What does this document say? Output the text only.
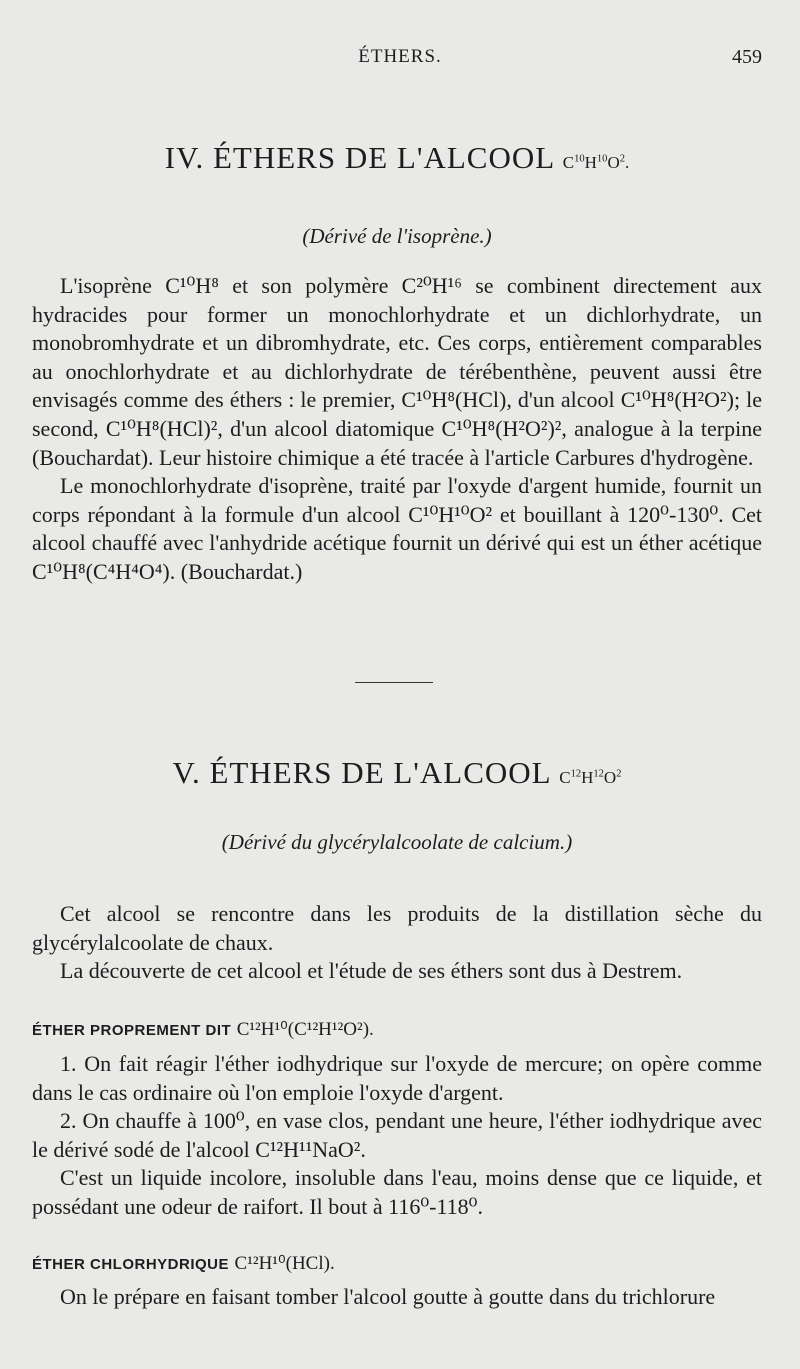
ÉTHERS.	459
IV. ÉTHERS DE L'ALCOOL $C^{10}H^{10}O^2$.

(Dérivé de l'isoprène.)

L'isoprène C¹⁰H⁸ et son polymère C²⁰H¹⁶ se combinent directement aux hydracides pour former un monochlorhydrate et un dichlorhydrate, un monobromhydrate et un dibromhydrate, etc. Ces corps, entièrement comparables au onochlorhydrate et au dichlorhydrate de térébenthène, peuvent aussi être envisagés comme des éthers : le premier, C¹⁰H⁸(HCl), d'un alcool C¹⁰H⁸(H²O²); le second, C¹⁰H⁸(HCl)², d'un alcool diatomique C¹⁰H⁸(H²O²)², analogue à la terpine (Bouchardat). Leur histoire chimique a été tracée à l'article Carbures d'hydrogène.

Le monochlorhydrate d'isoprène, traité par l'oxyde d'argent humide, fournit un corps répondant à la formule d'un alcool C¹⁰H¹⁰O² et bouillant à 120⁰-130⁰. Cet alcool chauffé avec l'anhydride acétique fournit un dérivé qui est un éther acétique C¹⁰H⁸(C⁴H⁴O⁴). (Bouchardat.)

V. ÉTHERS DE L'ALCOOL $C^{12}H^{12}O^2$

(Dérivé du glycérylalcoolate de calcium.)

Cet alcool se rencontre dans les produits de la distillation sèche du glycérylalcoolate de chaux.

La découverte de cet alcool et l'étude de ses éthers sont dus à Destrem.

ÉTHER PROPREMENT DIT C¹²H¹⁰(C¹²H¹²O²).

1. On fait réagir l'éther iodhydrique sur l'oxyde de mercure; on opère comme dans le cas ordinaire où l'on emploie l'oxyde d'argent.

2. On chauffe à 100⁰, en vase clos, pendant une heure, l'éther iodhydrique avec le dérivé sodé de l'alcool C¹²H¹¹NaO².

C'est un liquide incolore, insoluble dans l'eau, moins dense que ce liquide, et possédant une odeur de raifort. Il bout à 116⁰-118⁰.

ÉTHER CHLORHYDRIQUE C¹²H¹⁰(HCl).

On le prépare en faisant tomber l'alcool goutte à goutte dans du trichlorure
